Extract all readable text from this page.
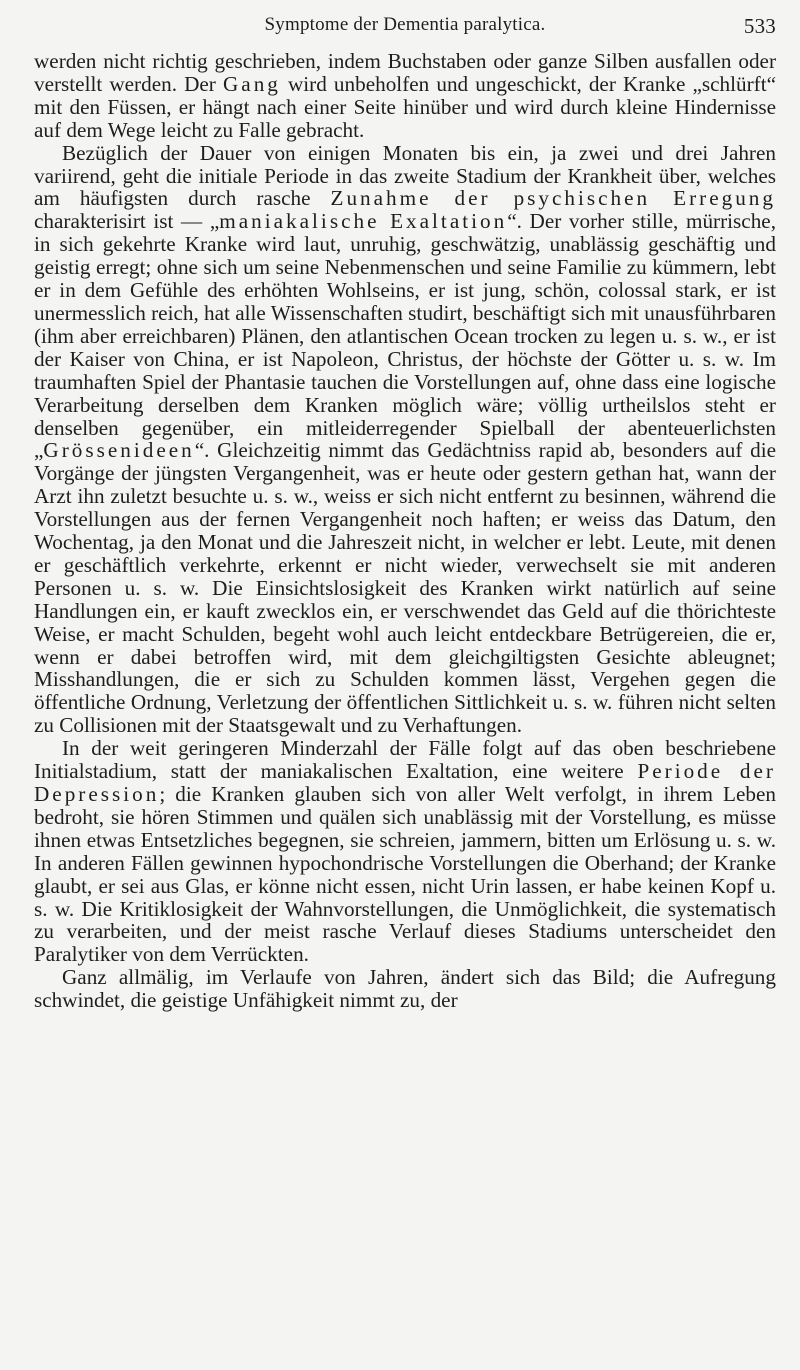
Symptome der Dementia paralytica.	533

werden nicht richtig geschrieben, indem Buchstaben oder ganze Silben ausfallen oder verstellt werden. Der Gang wird unbeholfen und ungeschickt, der Kranke „schlürft“ mit den Füssen, er hängt nach einer Seite hinüber und wird durch kleine Hindernisse auf dem Wege leicht zu Falle gebracht.

Bezüglich der Dauer von einigen Monaten bis ein, ja zwei und drei Jahren variirend, geht die initiale Periode in das zweite Stadium der Krankheit über, welches am häufigsten durch rasche Zunahme der psychischen Erregung charakterisirt ist — „maniakalische Exaltation“. Der vorher stille, mürrische, in sich gekehrte Kranke wird laut, unruhig, geschwätzig, unablässig geschäftig und geistig erregt; ohne sich um seine Nebenmenschen und seine Familie zu kümmern, lebt er in dem Gefühle des erhöhten Wohlseins, er ist jung, schön, colossal stark, er ist unermesslich reich, hat alle Wissenschaften studirt, beschäftigt sich mit unausführbaren (ihm aber erreichbaren) Plänen, den atlantischen Ocean trocken zu legen u. s. w., er ist der Kaiser von China, er ist Napoleon, Christus, der höchste der Götter u. s. w. Im traumhaften Spiel der Phantasie tauchen die Vorstellungen auf, ohne dass eine logische Verarbeitung derselben dem Kranken möglich wäre; völlig urtheilslos steht er denselben gegenüber, ein mitleiderregender Spielball der abenteuerlichsten „Grössenideen“. Gleichzeitig nimmt das Gedächtniss rapid ab, besonders auf die Vorgänge der jüngsten Vergangenheit, was er heute oder gestern gethan hat, wann der Arzt ihn zuletzt besuchte u. s. w., weiss er sich nicht entfernt zu besinnen, während die Vorstellungen aus der fernen Vergangenheit noch haften; er weiss das Datum, den Wochentag, ja den Monat und die Jahreszeit nicht, in welcher er lebt. Leute, mit denen er geschäftlich verkehrte, erkennt er nicht wieder, verwechselt sie mit anderen Personen u. s. w. Die Einsichtslosigkeit des Kranken wirkt natürlich auf seine Handlungen ein, er kauft zwecklos ein, er verschwendet das Geld auf die thörichteste Weise, er macht Schulden, begeht wohl auch leicht entdeckbare Betrügereien, die er, wenn er dabei betroffen wird, mit dem gleichgiltigsten Gesichte ableugnet; Misshandlungen, die er sich zu Schulden kommen lässt, Vergehen gegen die öffentliche Ordnung, Verletzung der öffentlichen Sittlichkeit u. s. w. führen nicht selten zu Collisionen mit der Staatsgewalt und zu Verhaftungen.

In der weit geringeren Minderzahl der Fälle folgt auf das oben beschriebene Initialstadium, statt der maniakalischen Exaltation, eine weitere Periode der Depression; die Kranken glauben sich von aller Welt verfolgt, in ihrem Leben bedroht, sie hören Stimmen und quälen sich unablässig mit der Vorstellung, es müsse ihnen etwas Entsetzliches begegnen, sie schreien, jammern, bitten um Erlösung u. s. w. In anderen Fällen gewinnen hypochondrische Vorstellungen die Oberhand; der Kranke glaubt, er sei aus Glas, er könne nicht essen, nicht Urin lassen, er habe keinen Kopf u. s. w. Die Kritiklosigkeit der Wahnvorstellungen, die Unmöglichkeit, die systematisch zu verarbeiten, und der meist rasche Verlauf dieses Stadiums unterscheidet den Paralytiker von dem Verrückten.

Ganz allmälig, im Verlaufe von Jahren, ändert sich das Bild; die Aufregung schwindet, die geistige Unfähigkeit nimmt zu, der
